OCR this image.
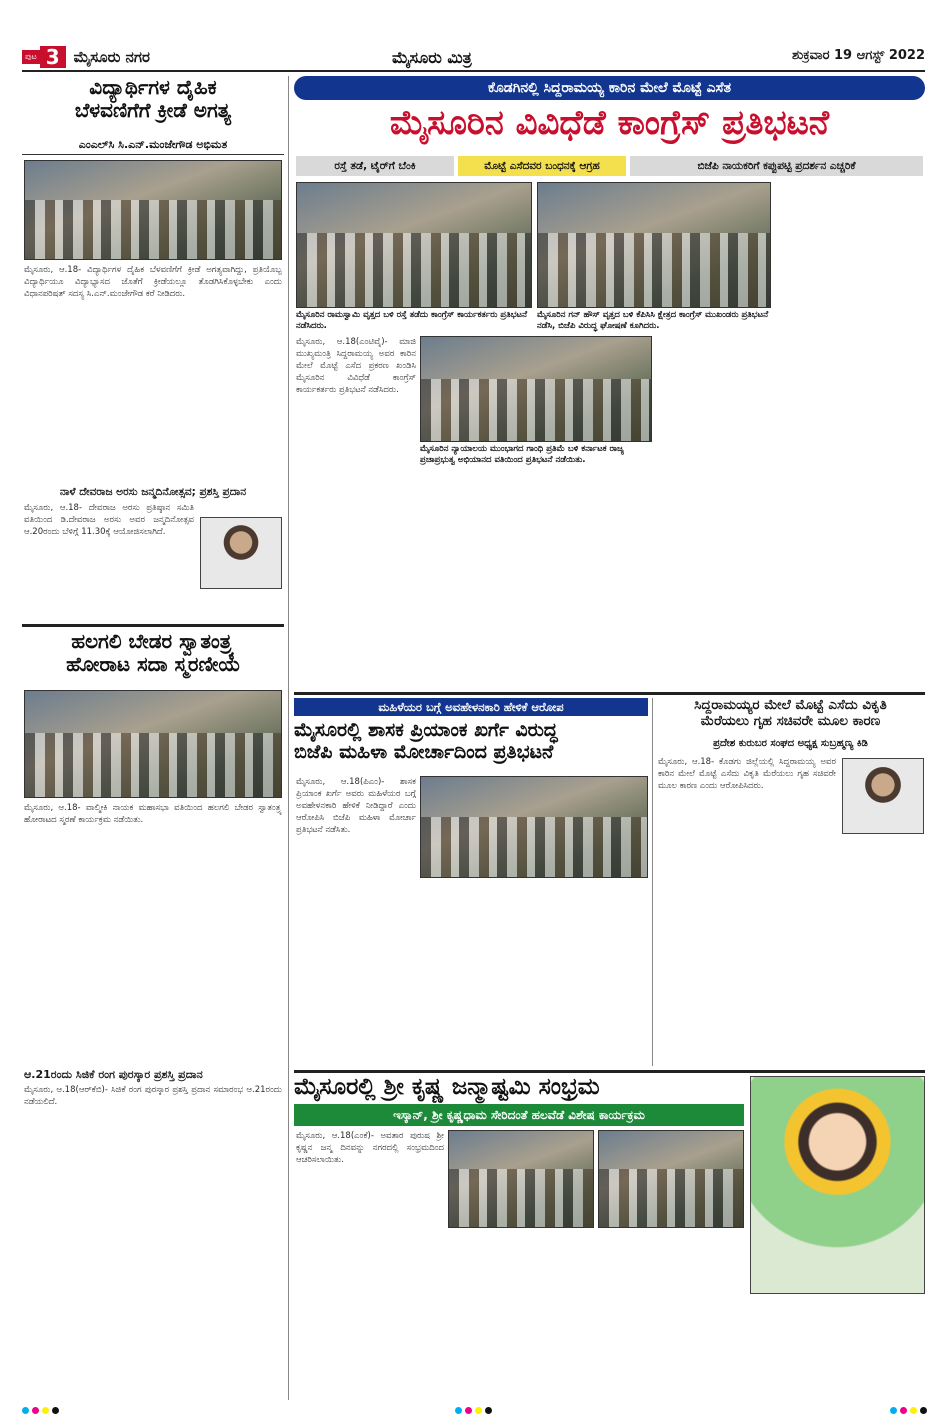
ಪುಟ 3 ಮೈಸೂರು ನಗರ	ಮೈಸೂರು ಮಿತ್ರ	ಶುಕ್ರವಾರ 19 ಆಗಸ್ಟ್ 2022
ವಿದ್ಯಾರ್ಥಿಗಳ ದೈಹಿಕ
ಬೆಳವಣಿಗೆಗೆ ಕ್ರೀಡೆ ಅಗತ್ಯ
ಎಂಎಲ್‌ಸಿ ಸಿ.ಎನ್.ಮಂಜೇಗೌಡ ಅಭಿಮತ
ಮೈಸೂರು, ಆ.18- ವಿದ್ಯಾರ್ಥಿಗಳ ದೈಹಿಕ ಬೆಳವಣಿಗೆಗೆ ಕ್ರೀಡೆ ಅಗತ್ಯವಾಗಿದ್ದು, ಪ್ರತಿಯೊಬ್ಬ ವಿದ್ಯಾರ್ಥಿಯೂ ವಿದ್ಯಾಭ್ಯಾಸದ ಜೊತೆಗೆ ಕ್ರೀಡೆಯಲ್ಲೂ ತೊಡಗಿಸಿಕೊಳ್ಳಬೇಕು ಎಂದು ವಿಧಾನಪರಿಷತ್ ಸದಸ್ಯ ಸಿ.ಎನ್.ಮಂಜೇಗೌಡ ಕರೆ ನೀಡಿದರು.
ನಾಳೆ ದೇವರಾಜ ಅರಸು ಜನ್ಮದಿನೋತ್ಸವ; ಪ್ರಶಸ್ತಿ ಪ್ರದಾನ
ಮೈಸೂರು, ಆ.18- ದೇವರಾಜ ಅರಸು ಪ್ರತಿಷ್ಠಾನ ಸಮಿತಿ ವತಿಯಿಂದ ಡಿ.ದೇವರಾಜ ಅರಸು ಅವರ ಜನ್ಮದಿನೋತ್ಸವ ಆ.20ರಂದು ಬೆಳಿಗ್ಗೆ 11.30ಕ್ಕೆ ಆಯೋಜಿಸಲಾಗಿದೆ.
ಹಲಗಲಿ ಬೇಡರ ಸ್ವಾತಂತ್ರ್ಯ
ಹೋರಾಟ ಸದಾ ಸ್ಮರಣೀಯ
ಮೈಸೂರು, ಆ.18- ವಾಲ್ಮೀಕಿ ನಾಯಕ ಮಹಾಸಭಾ ವತಿಯಿಂದ ಹಲಗಲಿ ಬೇಡರ ಸ್ವಾತಂತ್ರ್ಯ ಹೋರಾಟದ ಸ್ಮರಣೆ ಕಾರ್ಯಕ್ರಮ ನಡೆಯಿತು.
ಆ.21ರಂದು ಸಿಜಿಕೆ ರಂಗ ಪುರಸ್ಕಾರ ಪ್ರಶಸ್ತಿ ಪ್ರದಾನ
ಮೈಸೂರು, ಆ.18(ಆರ್‌ಕೆಬಿ)- ಸಿಜಿಕೆ ರಂಗ ಪುರಸ್ಕಾರ ಪ್ರಶಸ್ತಿ ಪ್ರದಾನ ಸಮಾರಂಭ ಆ.21ರಂದು ನಡೆಯಲಿದೆ.
ಕೊಡಗಿನಲ್ಲಿ ಸಿದ್ದರಾಮಯ್ಯ ಕಾರಿನ ಮೇಲೆ ಮೊಟ್ಟೆ ಎಸೆತ
ಮೈಸೂರಿನ ವಿವಿಧೆಡೆ ಕಾಂಗ್ರೆಸ್ ಪ್ರತಿಭಟನೆ
ರಸ್ತೆ ತಡೆ, ಟೈರ್‌ಗೆ ಬೆಂಕಿ	ಮೊಟ್ಟೆ ಎಸೆದವರ ಬಂಧನಕ್ಕೆ ಆಗ್ರಹ	ಬಿಜೆಪಿ ನಾಯಕರಿಗೆ ಕಪ್ಪುಪಟ್ಟಿ ಪ್ರದರ್ಶನ ಎಚ್ಚರಿಕೆ
ಮೈಸೂರಿನ ರಾಮಸ್ವಾಮಿ ವೃತ್ತದ ಬಳಿ ರಸ್ತೆ ತಡೆದು ಕಾಂಗ್ರೆಸ್ ಕಾರ್ಯಕರ್ತರು ಪ್ರತಿಭಟನೆ ನಡೆಸಿದರು.
ಮೈಸೂರಿನ ಗನ್ ಹೌಸ್ ವೃತ್ತದ ಬಳಿ ಕೆಪಿಸಿಸಿ ಕ್ಷೇತ್ರದ ಕಾಂಗ್ರೆಸ್ ಮುಖಂಡರು ಪ್ರತಿಭಟನೆ ನಡೆಸಿ, ಬಿಜೆಪಿ ವಿರುದ್ಧ ಘೋಷಣೆ ಕೂಗಿದರು.
ಮೈಸೂರು, ಆ.18(ಎಂಟಿವೈ)- ಮಾಜಿ ಮುಖ್ಯಮಂತ್ರಿ ಸಿದ್ದರಾಮಯ್ಯ ಅವರ ಕಾರಿನ ಮೇಲೆ ಮೊಟ್ಟೆ ಎಸೆದ ಪ್ರಕರಣ ಖಂಡಿಸಿ ಮೈಸೂರಿನ ವಿವಿಧೆಡೆ ಕಾಂಗ್ರೆಸ್ ಕಾರ್ಯಕರ್ತರು ಪ್ರತಿಭಟನೆ ನಡೆಸಿದರು.
ಮೈಸೂರಿನ ನ್ಯಾಯಾಲಯ ಮುಂಭಾಗದ ಗಾಂಧಿ ಪ್ರತಿಮೆ ಬಳಿ ಕರ್ನಾಟಕ ರಾಜ್ಯ ಪ್ರಜಾಪ್ರಭುತ್ವ ಅಭಿಯಾನದ ವತಿಯಿಂದ ಪ್ರತಿಭಟನೆ ನಡೆಯಿತು.
ಮಹಿಳೆಯರ ಬಗ್ಗೆ ಅವಹೇಳನಕಾರಿ ಹೇಳಿಕೆ ಆರೋಪ
ಮೈಸೂರಲ್ಲಿ ಶಾಸಕ ಪ್ರಿಯಾಂಕ ಖರ್ಗೆ ವಿರುದ್ಧ
ಬಿಜೆಪಿ ಮಹಿಳಾ ಮೋರ್ಚಾದಿಂದ ಪ್ರತಿಭಟನೆ
ಮೈಸೂರು, ಆ.18(ಪಿಎಂ)- ಶಾಸಕ ಪ್ರಿಯಾಂಕ ಖರ್ಗೆ ಅವರು ಮಹಿಳೆಯರ ಬಗ್ಗೆ ಅವಹೇಳನಕಾರಿ ಹೇಳಿಕೆ ನೀಡಿದ್ದಾರೆ ಎಂದು ಆರೋಪಿಸಿ ಬಿಜೆಪಿ ಮಹಿಳಾ ಮೋರ್ಚಾ ಪ್ರತಿಭಟನೆ ನಡೆಸಿತು.
ಸಿದ್ದರಾಮಯ್ಯರ ಮೇಲೆ ಮೊಟ್ಟೆ ಎಸೆದು ವಿಕೃತಿ
ಮೆರೆಯಲು ಗೃಹ ಸಚಿವರೇ ಮೂಲ ಕಾರಣ
ಪ್ರದೇಶ ಕುರುಬರ ಸಂಘದ ಅಧ್ಯಕ್ಷ ಸುಬ್ರಹ್ಮಣ್ಯ ಕಿಡಿ
ಮೈಸೂರು, ಆ.18- ಕೊಡಗು ಜಿಲ್ಲೆಯಲ್ಲಿ ಸಿದ್ದರಾಮಯ್ಯ ಅವರ ಕಾರಿನ ಮೇಲೆ ಮೊಟ್ಟೆ ಎಸೆದು ವಿಕೃತಿ ಮೆರೆಯಲು ಗೃಹ ಸಚಿವರೇ ಮೂಲ ಕಾರಣ ಎಂದು ಆರೋಪಿಸಿದರು.
ಮೈಸೂರಲ್ಲಿ ಶ್ರೀ ಕೃಷ್ಣ ಜನ್ಮಾಷ್ಟಮಿ ಸಂಭ್ರಮ
ಇಸ್ಕಾನ್, ಶ್ರೀ ಕೃಷ್ಣಧಾಮ ಸೇರಿದಂತೆ ಹಲವೆಡೆ ವಿಶೇಷ ಕಾರ್ಯಕ್ರಮ
ಮೈಸೂರು, ಆ.18(ಎಂಕೆ)- ಅವತಾರ ಪುರುಷ ಶ್ರೀ ಕೃಷ್ಣನ ಜನ್ಮ ದಿನವನ್ನು ನಗರದಲ್ಲಿ ಸಂಭ್ರಮದಿಂದ ಆಚರಿಸಲಾಯಿತು.
